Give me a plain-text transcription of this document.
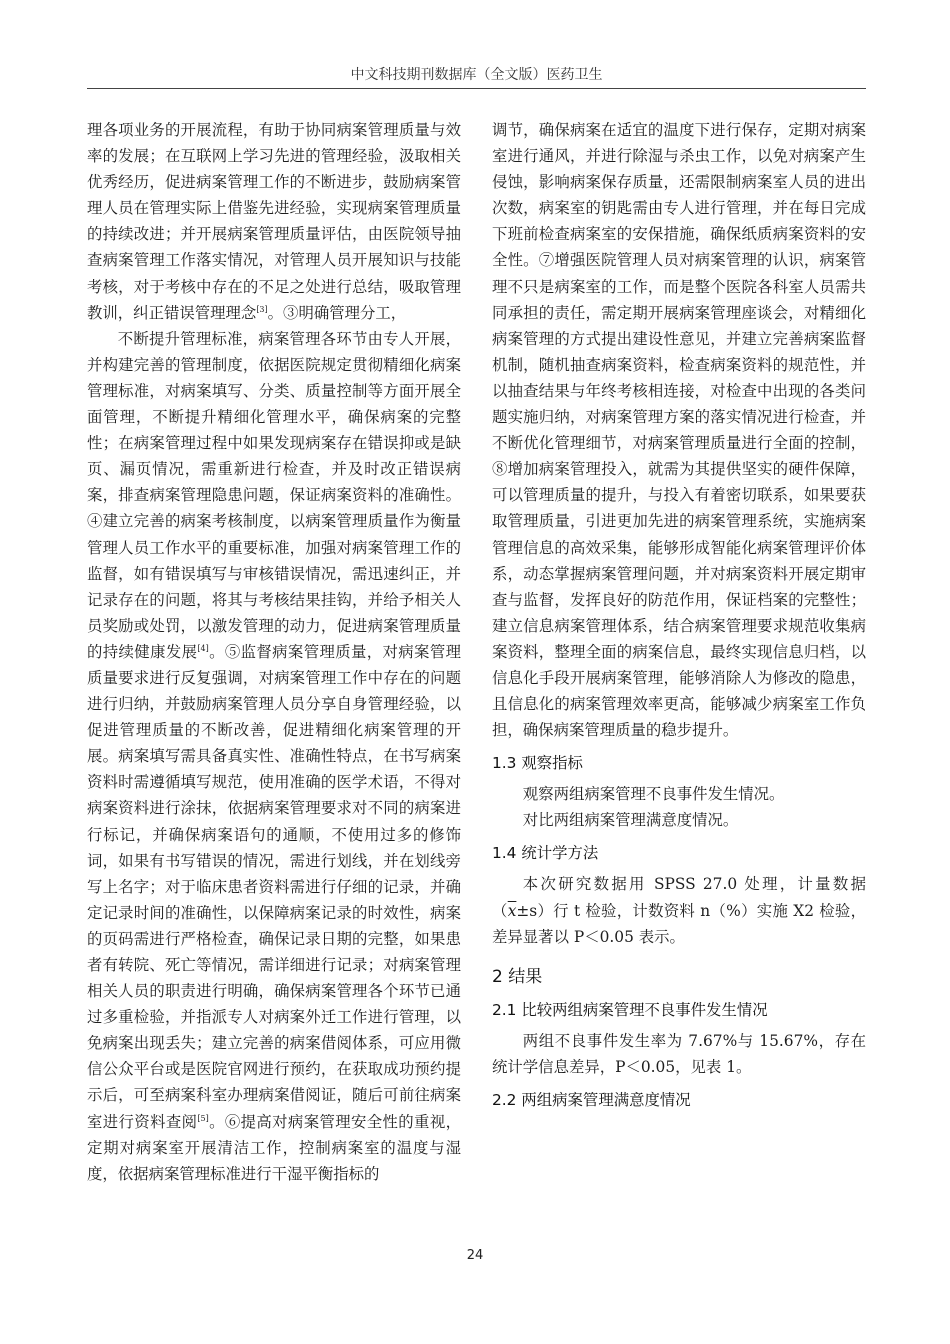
中文科技期刊数据库（全文版）医药卫生

理各项业务的开展流程，有助于协同病案管理质量与效率的发展；在互联网上学习先进的管理经验，汲取相关优秀经历，促进病案管理工作的不断进步，鼓励病案管理人员在管理实际上借鉴先进经验，实现病案管理质量的持续改进；并开展病案管理质量评估，由医院领导抽查病案管理工作落实情况，对管理人员开展知识与技能考核，对于考核中存在的不足之处进行总结，吸取管理教训，纠正错误管理理念[3]。③明确管理分工，

不断提升管理标准，病案管理各环节由专人开展，并构建完善的管理制度，依据医院规定贯彻精细化病案管理标准，对病案填写、分类、质量控制等方面开展全面管理，不断提升精细化管理水平，确保病案的完整性；在病案管理过程中如果发现病案存在错误抑或是缺页、漏页情况，需重新进行检查，并及时改正错误病案，排查病案管理隐患问题，保证病案资料的准确性。④建立完善的病案考核制度，以病案管理质量作为衡量管理人员工作水平的重要标准，加强对病案管理工作的监督，如有错误填写与审核错误情况，需迅速纠正，并记录存在的问题，将其与考核结果挂钩，并给予相关人员奖励或处罚，以激发管理的动力，促进病案管理质量的持续健康发展[4]。⑤监督病案管理质量，对病案管理质量要求进行反复强调，对病案管理工作中存在的问题进行归纳，并鼓励病案管理人员分享自身管理经验，以促进管理质量的不断改善，促进精细化病案管理的开展。病案填写需具备真实性、准确性特点，在书写病案资料时需遵循填写规范，使用准确的医学术语，不得对病案资料进行涂抹，依据病案管理要求对不同的病案进行标记，并确保病案语句的通顺，不使用过多的修饰词，如果有书写错误的情况，需进行划线，并在划线旁写上名字；对于临床患者资料需进行仔细的记录，并确定记录时间的准确性，以保障病案记录的时效性，病案的页码需进行严格检查，确保记录日期的完整，如果患者有转院、死亡等情况，需详细进行记录；对病案管理相关人员的职责进行明确，确保病案管理各个环节已通过多重检验，并指派专人对病案外迁工作进行管理，以免病案出现丢失；建立完善的病案借阅体系，可应用微信公众平台或是医院官网进行预约，在获取成功预约提示后，可至病案科室办理病案借阅证，随后可前往病案室进行资料查阅[5]。⑥提高对病案管理安全性的重视，定期对病案室开展清洁工作，控制病案室的温度与湿度，依据病案管理标准进行干湿平衡指标的

调节，确保病案在适宜的温度下进行保存，定期对病案室进行通风，并进行除湿与杀虫工作，以免对病案产生侵蚀，影响病案保存质量，还需限制病案室人员的进出次数，病案室的钥匙需由专人进行管理，并在每日完成下班前检查病案室的安保措施，确保纸质病案资料的安全性。⑦增强医院管理人员对病案管理的认识，病案管理不只是病案室的工作，而是整个医院各科室人员需共同承担的责任，需定期开展病案管理座谈会，对精细化病案管理的方式提出建设性意见，并建立完善病案监督机制，随机抽查病案资料，检查病案资料的规范性，并以抽查结果与年终考核相连接，对检查中出现的各类问题实施归纳，对病案管理方案的落实情况进行检查，并不断优化管理细节，对病案管理质量进行全面的控制，⑧增加病案管理投入，就需为其提供坚实的硬件保障，可以管理质量的提升，与投入有着密切联系，如果要获取管理质量，引进更加先进的病案管理系统，实施病案管理信息的高效采集，能够形成智能化病案管理评价体系，动态掌握病案管理问题，并对病案资料开展定期审查与监督，发挥良好的防范作用，保证档案的完整性；建立信息病案管理体系，结合病案管理要求规范收集病案资料，整理全面的病案信息，最终实现信息归档，以信息化手段开展病案管理，能够消除人为修改的隐患，且信息化的病案管理效率更高，能够减少病案室工作负担，确保病案管理质量的稳步提升。

1.3 观察指标

观察两组病案管理不良事件发生情况。

对比两组病案管理满意度情况。

1.4 统计学方法

本次研究数据用 SPSS 27.0 处理，计量数据$(\overline{x}\pm s)$行 t 检验，计数资料 n（%）实施 X2 检验，差异显著以 P＜0.05 表示。

2 结果
2.1 比较两组病案管理不良事件发生情况

两组不良事件发生率为 7.67%与 15.67%，存在统计学信息差异，P＜0.05，见表 1。

2.2 两组病案管理满意度情况
24
